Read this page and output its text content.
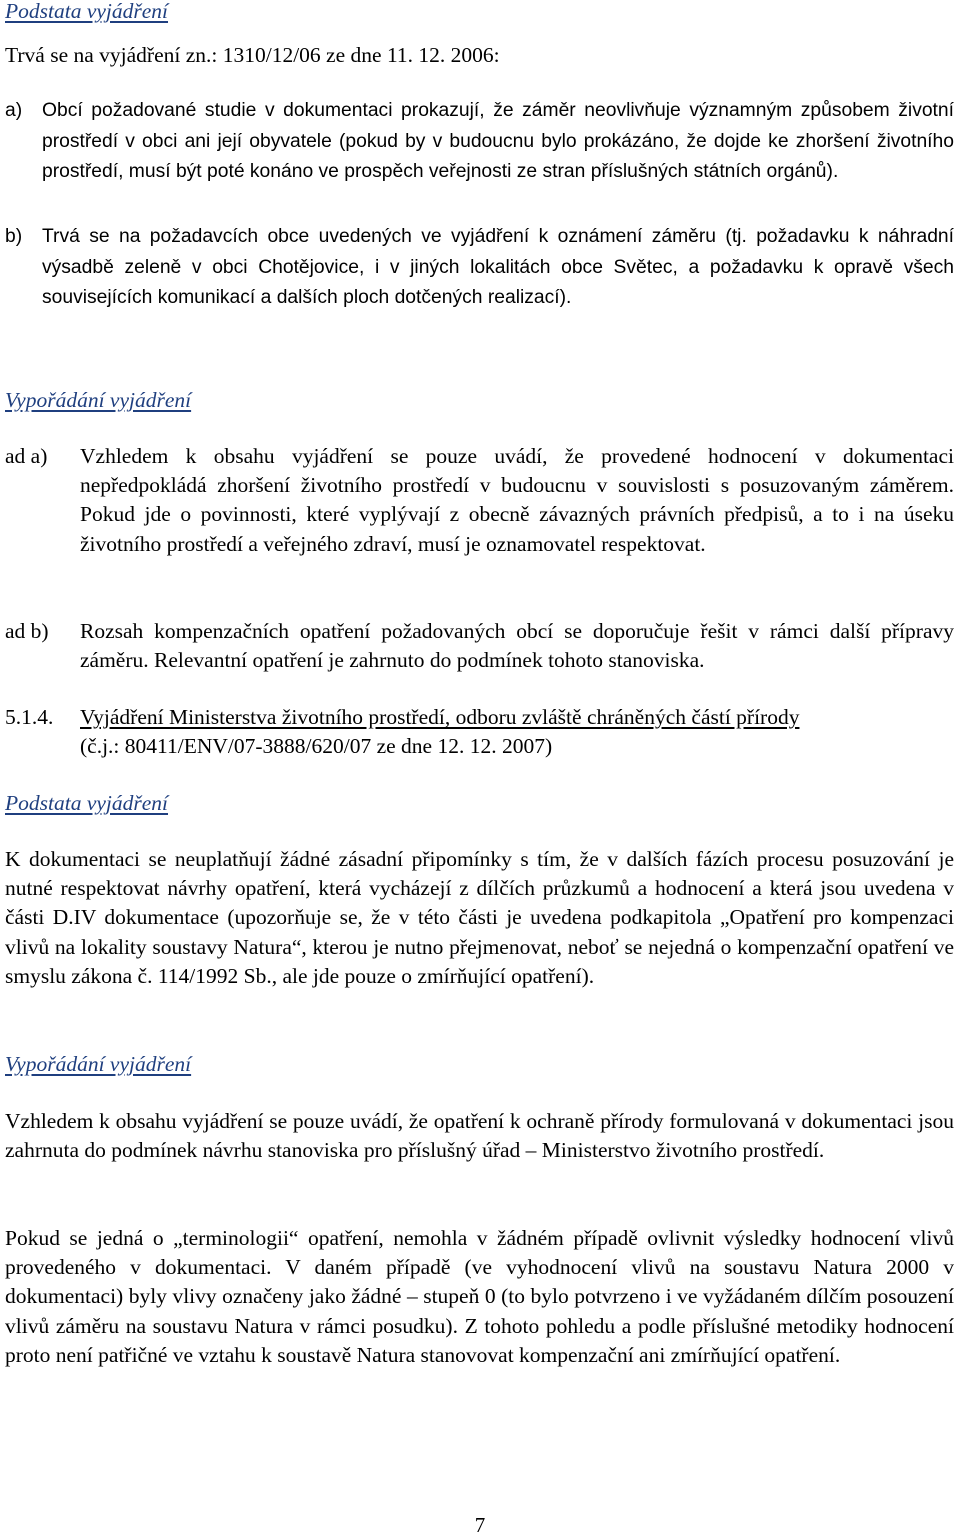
Podstata vyjádření

Trvá se na vyjádření zn.: 1310/12/06 ze dne 11. 12. 2006:

a) Obcí požadované studie v dokumentaci prokazují, že záměr neovlivňuje významným způsobem životní prostředí v obci ani její obyvatele (pokud by v budoucnu bylo prokázáno, že dojde ke zhoršení životního prostředí, musí být poté konáno ve prospěch veřejnosti ze stran příslušných státních orgánů).
b) Trvá se na požadavcích obce uvedených ve vyjádření k oznámení záměru (tj. požadavku k náhradní výsadbě zeleně v obci Chotějovice, i v jiných lokalitách obce Světec, a požadavku k opravě všech souvisejících komunikací a dalších ploch dotčených realizací).

Vypořádání vyjádření

ad a) Vzhledem k obsahu vyjádření se pouze uvádí, že provedené hodnocení v dokumentaci nepředpokládá zhoršení životního prostředí v budoucnu v souvislosti s posuzovaným záměrem. Pokud jde o povinnosti, které vyplývají z obecně závazných právních předpisů, a to i na úseku životního prostředí a veřejného zdraví, musí je oznamovatel respektovat.
ad b) Rozsah kompenzačních opatření požadovaných obcí se doporučuje řešit v rámci další přípravy záměru. Relevantní opatření je zahrnuto do podmínek tohoto stanoviska.
5.1.4. Vyjádření Ministerstva životního prostředí, odboru zvláště chráněných částí přírody
(č.j.: 80411/ENV/07-3888/620/07 ze dne 12. 12. 2007)

Podstata vyjádření

K dokumentaci se neuplatňují žádné zásadní připomínky s tím, že v dalších fázích procesu posuzování je nutné respektovat návrhy opatření, která vycházejí z dílčích průzkumů a hodnocení a která jsou uvedena v části D.IV dokumentace (upozorňuje se, že v této části je uvedena podkapitola „Opatření pro kompenzaci vlivů na lokality soustavy Natura“, kterou je nutno přejmenovat, neboť se nejedná o kompenzační opatření ve smyslu zákona č. 114/1992 Sb., ale jde pouze o zmírňující opatření).

Vypořádání vyjádření

Vzhledem k obsahu vyjádření se pouze uvádí, že opatření k ochraně přírody formulovaná v dokumentaci jsou zahrnuta do podmínek návrhu stanoviska pro příslušný úřad – Ministerstvo životního prostředí.

Pokud se jedná o „terminologii“ opatření, nemohla v žádném případě ovlivnit výsledky hodnocení vlivů provedeného v dokumentaci. V daném případě (ve vyhodnocení vlivů na soustavu Natura 2000 v dokumentaci) byly vlivy označeny jako žádné – stupeň 0 (to bylo potvrzeno i ve vyžádaném dílčím posouzení vlivů záměru na soustavu Natura v rámci posudku). Z tohoto pohledu a podle příslušné metodiky hodnocení proto není patřičné ve vztahu k soustavě Natura stanovovat kompenzační ani zmírňující opatření.

7
